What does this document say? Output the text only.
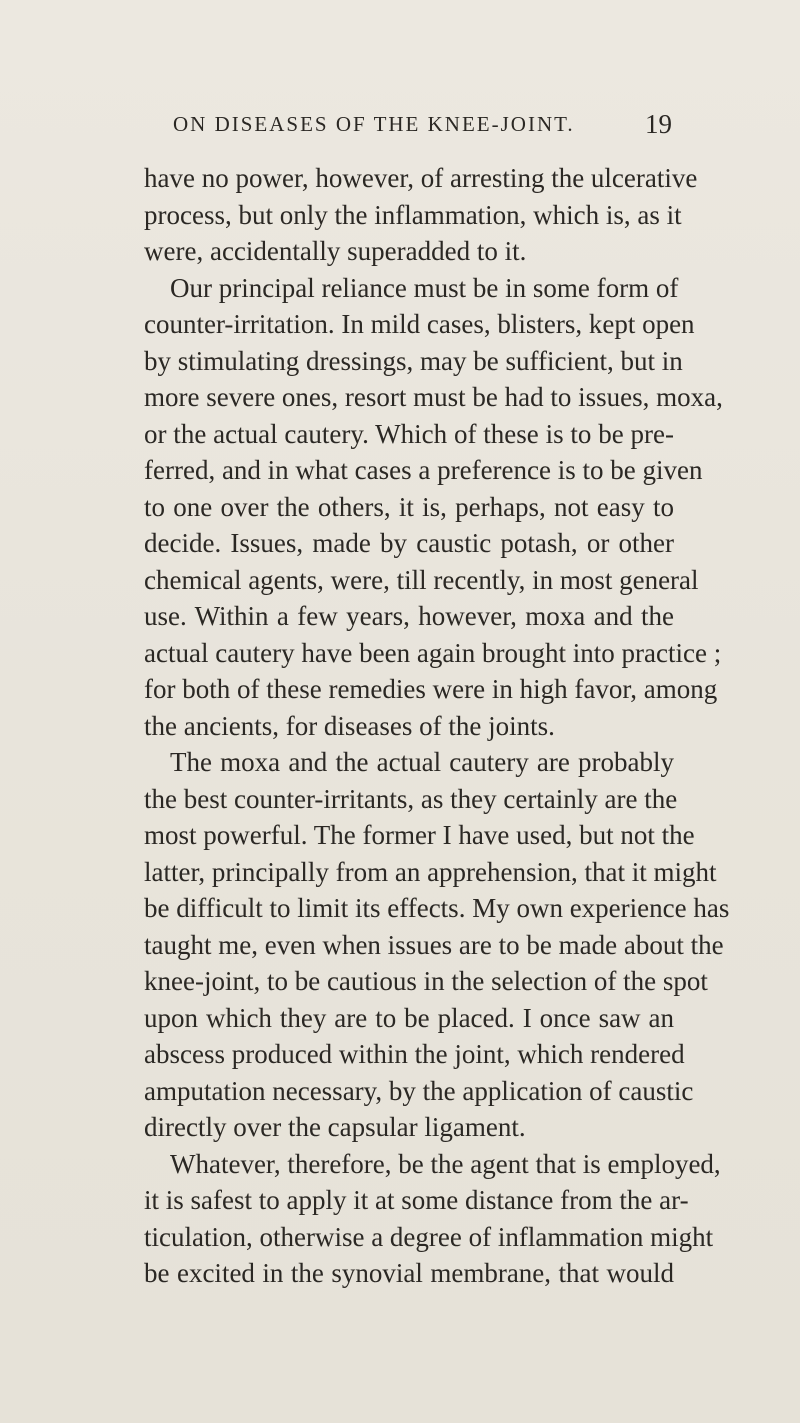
ON DISEASES OF THE KNEE-JOINT.	19
have no power, however, of arresting the ulcerative
process, but only the inflammation, which is, as it
were, accidentally superadded to it.
Our principal reliance must be in some form of
counter-irritation. In mild cases, blisters, kept open
by stimulating dressings, may be sufficient, but in
more severe ones, resort must be had to issues, moxa,
or the actual cautery. Which of these is to be pre-
ferred, and in what cases a preference is to be given
to one over the others, it is, perhaps, not easy to
decide. Issues, made by caustic potash, or other
chemical agents, were, till recently, in most general
use. Within a few years, however, moxa and the
actual cautery have been again brought into practice ;
for both of these remedies were in high favor, among
the ancients, for diseases of the joints.
The moxa and the actual cautery are probably
the best counter-irritants, as they certainly are the
most powerful. The former I have used, but not the
latter, principally from an apprehension, that it might
be difficult to limit its effects. My own experience has
taught me, even when issues are to be made about the
knee-joint, to be cautious in the selection of the spot
upon which they are to be placed. I once saw an
abscess produced within the joint, which rendered
amputation necessary, by the application of caustic
directly over the capsular ligament.
Whatever, therefore, be the agent that is employed,
it is safest to apply it at some distance from the ar-
ticulation, otherwise a degree of inflammation might
be excited in the synovial membrane, that would
